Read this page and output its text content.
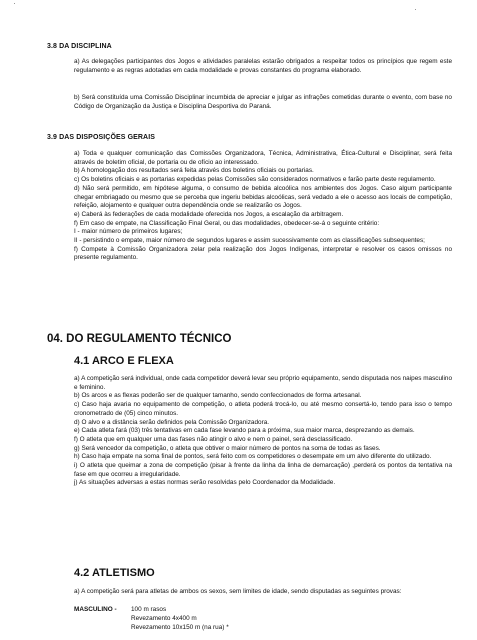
3.8 DA DISCIPLINA

a) As delegações participantes dos Jogos e atividades paralelas estarão obrigados a respeitar todos os princípios que regem este regulamento e as regras adotadas em cada modalidade e provas constantes do programa elaborado.

b) Será constituída uma Comissão Disciplinar incumbida de apreciar e julgar as infrações cometidas durante o evento, com base no Código de Organização da Justiça e Disciplina Desportiva do Paraná.

3.9 DAS DISPOSIÇÕES GERAIS

a) Toda e qualquer comunicação das Comissões Organizadora, Técnica, Administrativa, Ética-Cultural e Disciplinar, será feita através de boletim oficial, de portaria ou de ofício ao interessado.

b) A homologação dos resultados será feita através dos boletins oficiais ou portarias.

c) Os boletins oficiais e as portarias expedidas pelas Comissões são considerados normativos e farão parte deste regulamento.

d) Não será permitido, em hipótese alguma, o consumo de bebida alcoólica nos ambientes dos Jogos. Caso algum participante chegar embriagado ou mesmo que se perceba que ingeriu bebidas alcoólicas, será vedado a ele o acesso aos locais de competição, refeição, alojamento e qualquer outra dependência onde se realizarão os Jogos.

e) Caberá às federações de cada modalidade oferecida nos Jogos, a escalação da arbitragem.

f) Em caso de empate, na Classificação Final Geral, ou das modalidades, obedecer-se-á o seguinte critério:

I - maior número de primeiros lugares;

II - persistindo o empate, maior número de segundos lugares e assim sucessivamente com as classificações subsequentes;

f) Compete à Comissão Organizadora zelar pela realização dos Jogos Indígenas, interpretar e resolver os casos omissos no presente regulamento.

04. DO REGULAMENTO TÉCNICO
4.1 ARCO E FLEXA

a) A competição será individual, onde cada competidor deverá levar seu próprio equipamento, sendo disputada nos naipes masculino e feminino.

b) Os arcos e as flexas poderão ser de qualquer tamanho, sendo confeccionados de forma artesanal.

c) Caso haja avaria no equipamento de competição, o atleta poderá trocá-lo, ou até mesmo consertá-lo, tendo para isso o tempo cronometrado de (05) cinco minutos.

d) O alvo e a distância serão definidos pela Comissão Organizadora.

e) Cada atleta fará (03) três tentativas em cada fase levando para a próxima, sua maior marca, desprezando as demais.

f) O atleta que em qualquer uma das fases não atingir o alvo e nem o painel, será desclassificado.

g) Será vencedor da competição, o atleta que obtiver o maior número de pontos na soma de todas as fases.

h) Caso haja empate na soma final de pontos, será feito com os competidores o desempate em um alvo diferente do utilizado.

i) O atleta que queimar a zona de competição (pisar à frente da linha da linha de demarcação) ,perderá os pontos da tentativa na fase em que ocorreu a irregularidade.

j) As situações adversas a estas normas serão resolvidas pelo Coordenador da Modalidade.

4.2 ATLETISMO

a) A competição será para atletas de ambos os sexos, sem limites de idade, sendo disputadas as seguintes provas:

MASCULINO - 100 m rasos
Revezamento 4x400 m
Revezamento 10x150 m (na rua) *
